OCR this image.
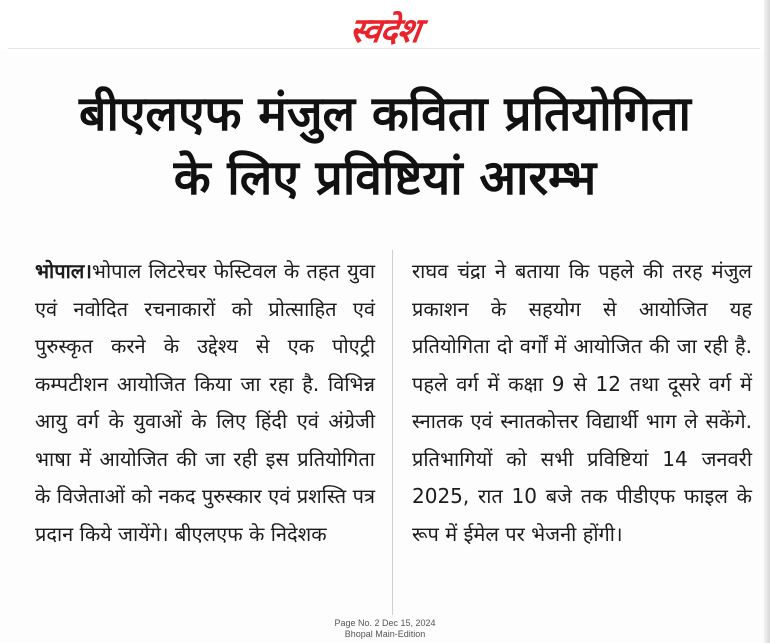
स्वदेश
बीएलएफ मंजुल कविता प्रतियोगिता
के लिए प्रविष्टियां आरम्भ
भोपाल।भोपाल लिटरेचर फेस्टिवल के तहत युवा एवं नवोदित रचनाकारों को प्रोत्साहित एवं पुरुस्कृत करने के उद्देश्य से एक पोएट्री कम्पटीशन आयोजित किया जा रहा है. विभिन्न आयु वर्ग के युवाओं के लिए हिंदी एवं अंग्रेजी भाषा में आयोजित की जा रही इस प्रतियोगिता के विजेताओं को नकद पुरुस्कार एवं प्रशस्ति पत्र प्रदान किये जायेंगे। बीएलएफ के निदेशक
राघव चंद्रा ने बताया कि पहले की तरह मंजुल प्रकाशन के सहयोग से आयोजित यह प्रतियोगिता दो वर्गों में आयोजित की जा रही है. पहले वर्ग में कक्षा 9 से 12 तथा दूसरे वर्ग में स्नातक एवं स्नातकोत्तर विद्यार्थी भाग ले सकेंगे. प्रतिभागियों को सभी प्रविष्टियां 14 जनवरी 2025, रात 10 बजे तक पीडीएफ फाइल के रूप में ईमेल पर भेजनी होंगी।
Page No. 2 Dec 15, 2024
Bhopal Main-Edition
